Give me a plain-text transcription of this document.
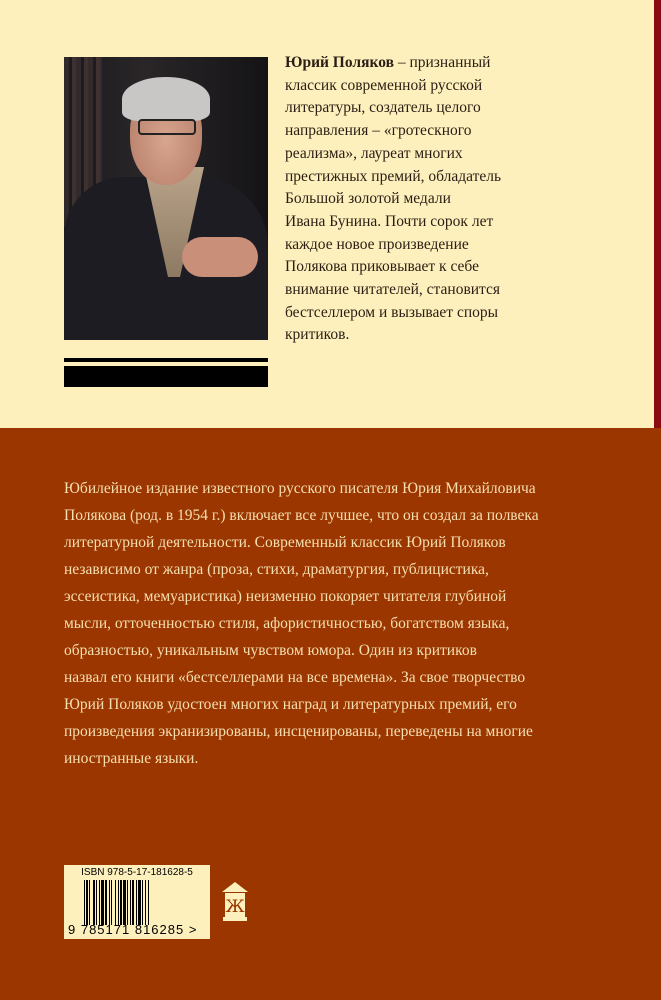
Юрий Поляков – признанный
классик современной русской
литературы, создатель целого
направления – «гротескного
реализма», лауреат многих
престижных премий, обладатель
Большой золотой медали
Ивана Бунина. Почти сорок лет
каждое новое произведение
Полякова приковывает к себе
внимание читателей, становится
бестселлером и вызывает споры
критиков.
Юбилейное издание известного русского писателя Юрия Михайловича
Полякова (род. в 1954 г.) включает все лучшее, что он создал за полвека
литературной деятельности. Современный классик Юрий Поляков
независимо от жанра (проза, стихи, драматургия, публицистика,
эссеистика, мемуаристика) неизменно покоряет читателя глубиной
мысли, отточенностью стиля, афористичностью, богатством языка,
образностью, уникальным чувством юмора. Один из критиков
назвал его книги «бестселлерами на все времена». За свое творчество
Юрий Поляков удостоен многих наград и литературных премий, его
произведения экранизированы, инсценированы, переведены на многие
иностранные языки.
ISBN 978-5-17-181628-5
9 785171 816285 >
Ж
